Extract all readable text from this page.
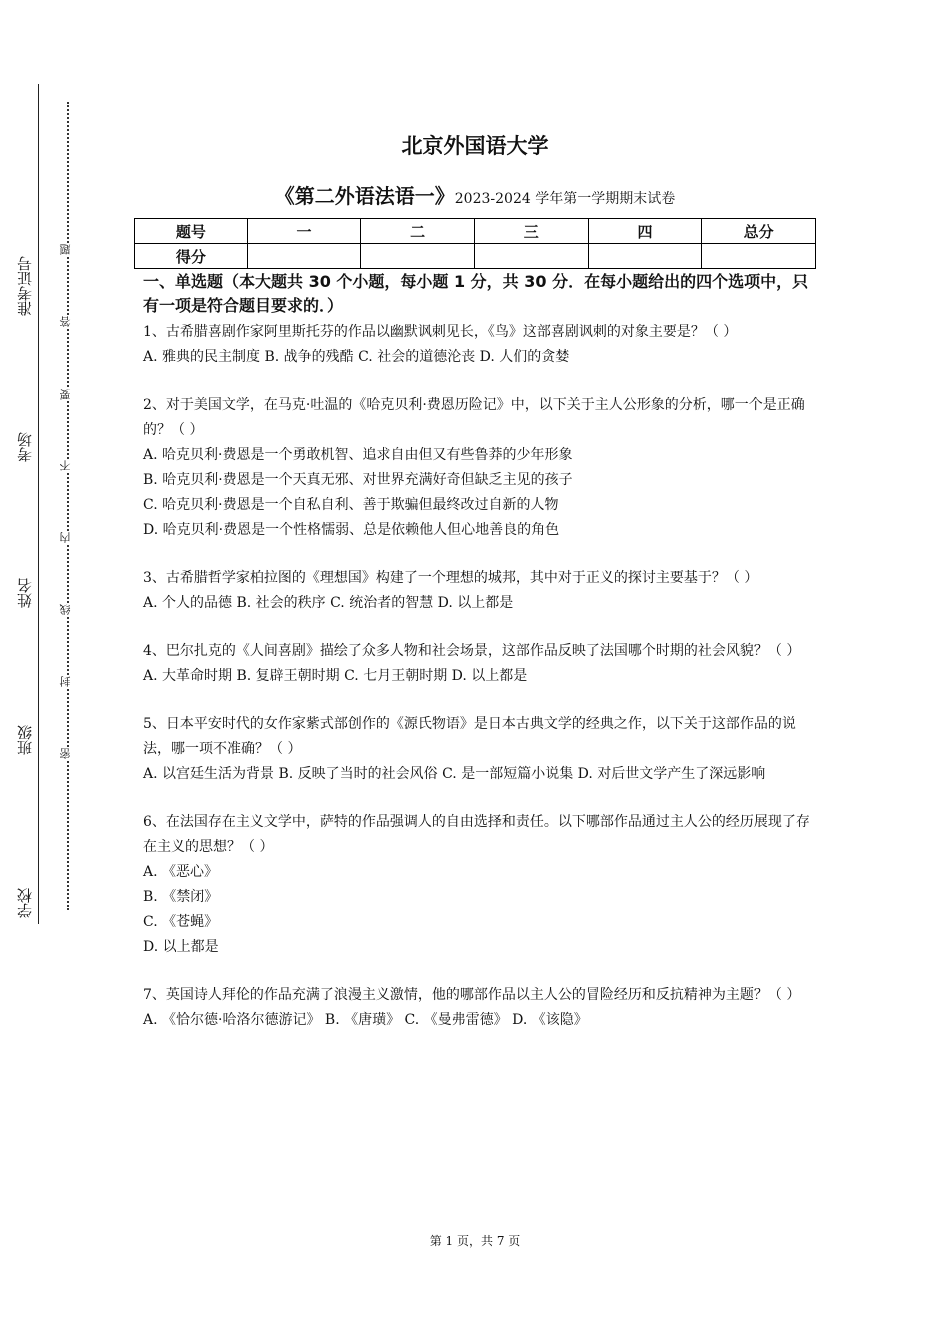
准考证号
考场
姓名
班级
学校
题
答
要
不
内
线
封
密
北京外国语大学
《第二外语法语一》2023-2024 学年第一学期期末试卷
题号	一	二	三	四	总分
得分					
一、单选题（本大题共 30 个小题，每小题 1 分，共 30 分．在每小题给出的四个选项中，只有一项是符合题目要求的．）

1、古希腊喜剧作家阿里斯托芬的作品以幽默讽刺见长，《鸟》这部喜剧讽刺的对象主要是？（ ）

A. 雅典的民主制度 B. 战争的残酷 C. 社会的道德沦丧 D. 人们的贪婪

2、对于美国文学，在马克·吐温的《哈克贝利·费恩历险记》中，以下关于主人公形象的分析，哪一个是正确的？（ ）

A. 哈克贝利·费恩是一个勇敢机智、追求自由但又有些鲁莽的少年形象

B. 哈克贝利·费恩是一个天真无邪、对世界充满好奇但缺乏主见的孩子

C. 哈克贝利·费恩是一个自私自利、善于欺骗但最终改过自新的人物

D. 哈克贝利·费恩是一个性格懦弱、总是依赖他人但心地善良的角色

3、古希腊哲学家柏拉图的《理想国》构建了一个理想的城邦，其中对于正义的探讨主要基于？（ ）

A. 个人的品德 B. 社会的秩序 C. 统治者的智慧 D. 以上都是

4、巴尔扎克的《人间喜剧》描绘了众多人物和社会场景，这部作品反映了法国哪个时期的社会风貌？（ ）

A. 大革命时期 B. 复辟王朝时期 C. 七月王朝时期 D. 以上都是

5、日本平安时代的女作家紫式部创作的《源氏物语》是日本古典文学的经典之作，以下关于这部作品的说法，哪一项不准确？（ ）

A. 以宫廷生活为背景 B. 反映了当时的社会风俗 C. 是一部短篇小说集 D. 对后世文学产生了深远影响

6、在法国存在主义文学中，萨特的作品强调人的自由选择和责任。以下哪部作品通过主人公的经历展现了存在主义的思想？（ ）

A. 《恶心》

B. 《禁闭》

C. 《苍蝇》

D. 以上都是

7、英国诗人拜伦的作品充满了浪漫主义激情，他的哪部作品以主人公的冒险经历和反抗精神为主题？（ ）

A. 《恰尔德·哈洛尔德游记》 B. 《唐璜》 C. 《曼弗雷德》 D. 《该隐》

第 1 页，共 7 页
